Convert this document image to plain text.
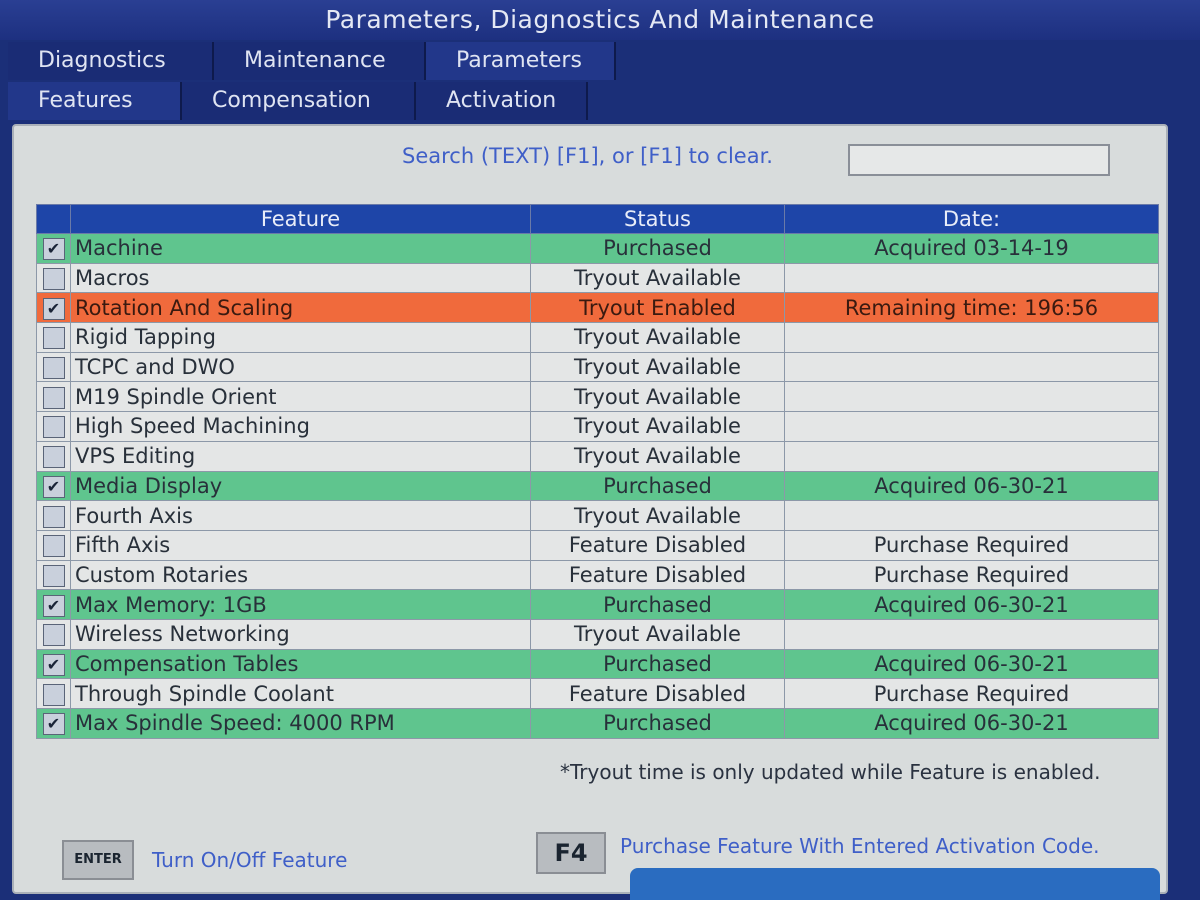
Parameters, Diagnostics And Maintenance
Diagnostics	Maintenance	Parameters
Features	Compensation	Activation
Search (TEXT) [F1], or [F1] to clear.
	Feature	Status	Date:
✔	Machine	Purchased	Acquired 03-14-19
	Macros	Tryout Available	
✔	Rotation And Scaling	Tryout Enabled	Remaining time: 196:56
	Rigid Tapping	Tryout Available	
	TCPC and DWO	Tryout Available	
	M19 Spindle Orient	Tryout Available	
	High Speed Machining	Tryout Available	
	VPS Editing	Tryout Available	
✔	Media Display	Purchased	Acquired 06-30-21
	Fourth Axis	Tryout Available	
	Fifth Axis	Feature Disabled	Purchase Required
	Custom Rotaries	Feature Disabled	Purchase Required
✔	Max Memory: 1GB	Purchased	Acquired 06-30-21
	Wireless Networking	Tryout Available	
✔	Compensation Tables	Purchased	Acquired 06-30-21
	Through Spindle Coolant	Feature Disabled	Purchase Required
✔	Max Spindle Speed: 4000 RPM	Purchased	Acquired 06-30-21
*Tryout time is only updated while Feature is enabled.
ENTER	Turn On/Off Feature	F4	Purchase Feature With Entered Activation Code.
